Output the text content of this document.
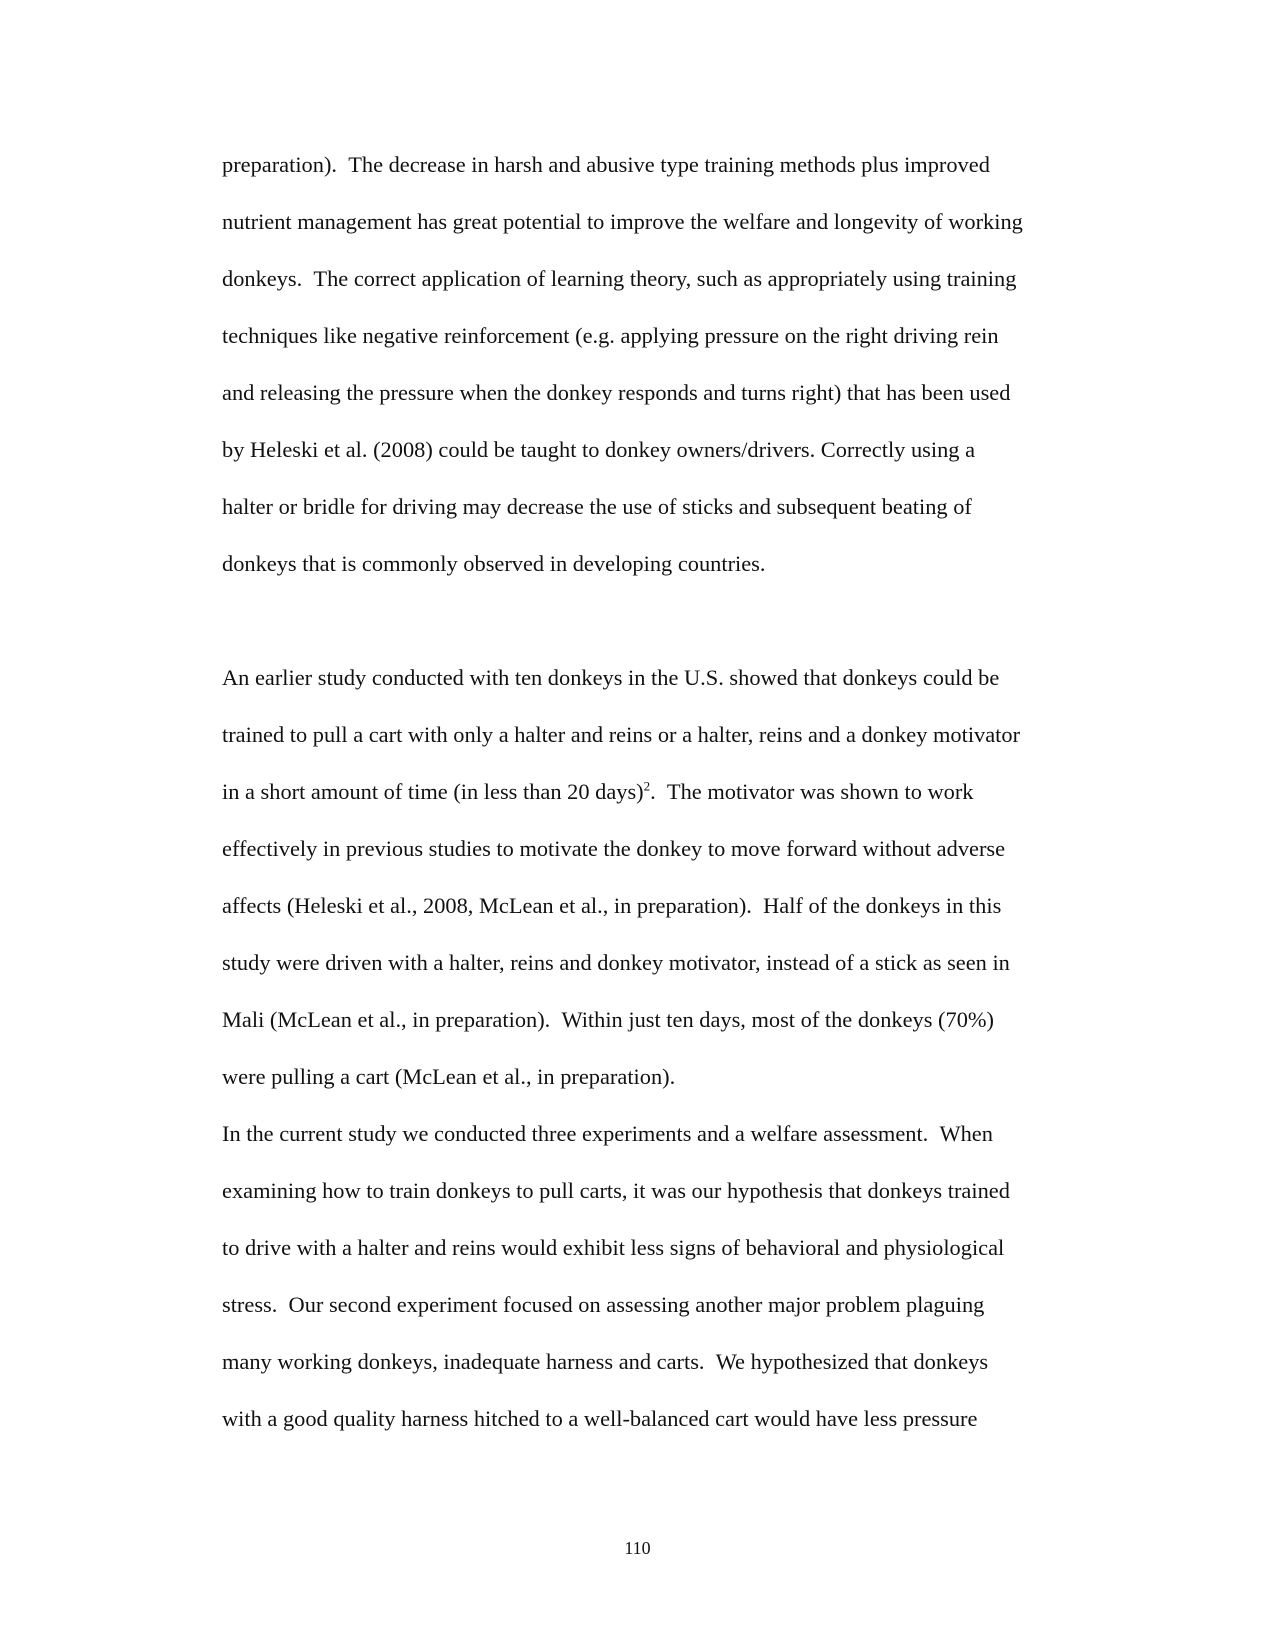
preparation).  The decrease in harsh and abusive type training methods plus improved
nutrient management has great potential to improve the welfare and longevity of working
donkeys.  The correct application of learning theory, such as appropriately using training
techniques like negative reinforcement (e.g. applying pressure on the right driving rein
and releasing the pressure when the donkey responds and turns right) that has been used
by Heleski et al. (2008) could be taught to donkey owners/drivers. Correctly using a
halter or bridle for driving may decrease the use of sticks and subsequent beating of
donkeys that is commonly observed in developing countries.
An earlier study conducted with ten donkeys in the U.S. showed that donkeys could be
trained to pull a cart with only a halter and reins or a halter, reins and a donkey motivator
in a short amount of time (in less than 20 days)$^2$.  The motivator was shown to work
effectively in previous studies to motivate the donkey to move forward without adverse
affects (Heleski et al., 2008, McLean et al., in preparation).  Half of the donkeys in this
study were driven with a halter, reins and donkey motivator, instead of a stick as seen in
Mali (McLean et al., in preparation).  Within just ten days, most of the donkeys (70%)
were pulling a cart (McLean et al., in preparation).
In the current study we conducted three experiments and a welfare assessment.  When
examining how to train donkeys to pull carts, it was our hypothesis that donkeys trained
to drive with a halter and reins would exhibit less signs of behavioral and physiological
stress.  Our second experiment focused on assessing another major problem plaguing
many working donkeys, inadequate harness and carts.  We hypothesized that donkeys
with a good quality harness hitched to a well-balanced cart would have less pressure
110
